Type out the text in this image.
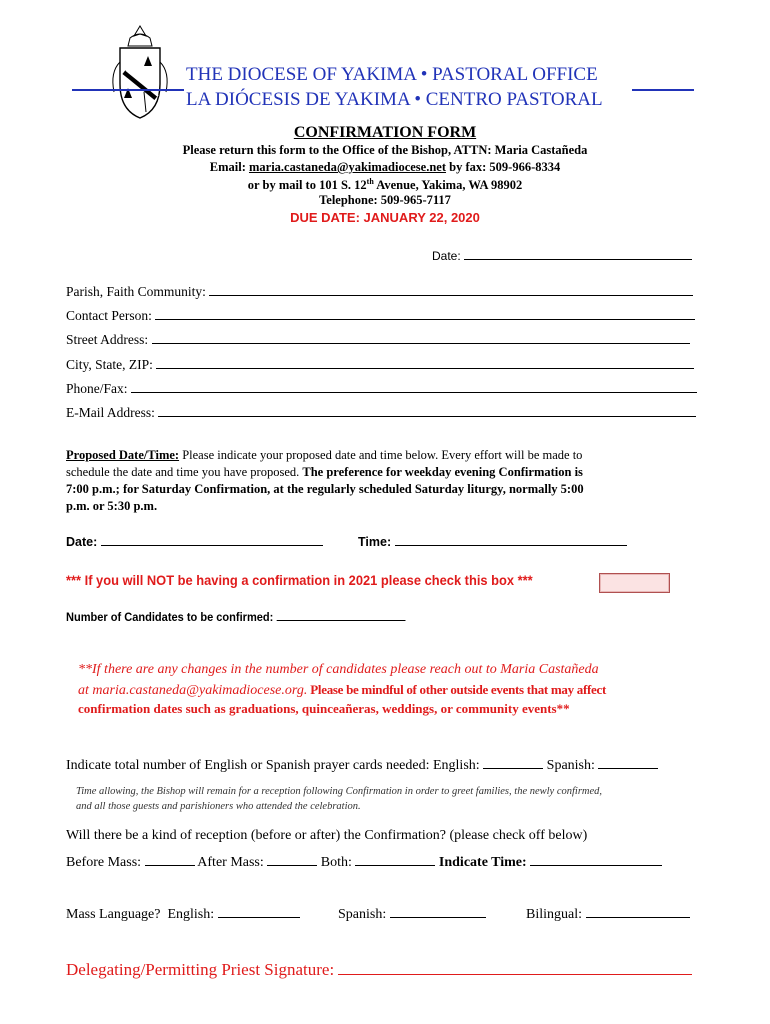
THE DIOCESE OF YAKIMA • PASTORAL OFFICE
LA DIÓCESIS DE YAKIMA • CENTRO PASTORAL
CONFIRMATION FORM
Please return this form to the Office of the Bishop, ATTN: Maria Castañeda
Email: maria.castaneda@yakimadiocese.net by fax: 509-966-8334
or by mail to 101 S. 12th Avenue, Yakima, WA 98902
Telephone: 509-965-7117
DUE DATE: JANUARY 22, 2020
Date:
Parish, Faith Community:
Contact Person:
Street Address:
City, State, ZIP:
Phone/Fax:
E-Mail Address:
Proposed Date/Time: Please indicate your proposed date and time below. Every effort will be made to
schedule the date and time you have proposed. The preference for weekday evening Confirmation is
7:00 p.m.; for Saturday Confirmation, at the regularly scheduled Saturday liturgy, normally 5:00
p.m. or 5:30 p.m.
Date:	Time:
*** If you will NOT be having a confirmation in 2021 please check this box ***
Number of Candidates to be confirmed:
**If there are any changes in the number of candidates please reach out to Maria Castañeda
at maria.castaneda@yakimadiocese.org. Please be mindful of other outside events that may affect
confirmation dates such as graduations, quinceañeras, weddings, or community events**
Indicate total number of English or Spanish prayer cards needed: English:	Spanish:
Time allowing, the Bishop will remain for a reception following Confirmation in order to greet families, the newly confirmed,
and all those guests and parishioners who attended the celebration.
Will there be a kind of reception (before or after) the Confirmation? (please check off below)
Before Mass:	After Mass:	Both:	Indicate Time:
Mass Language? English:	Spanish:	Bilingual:
Delegating/Permitting Priest Signature:
